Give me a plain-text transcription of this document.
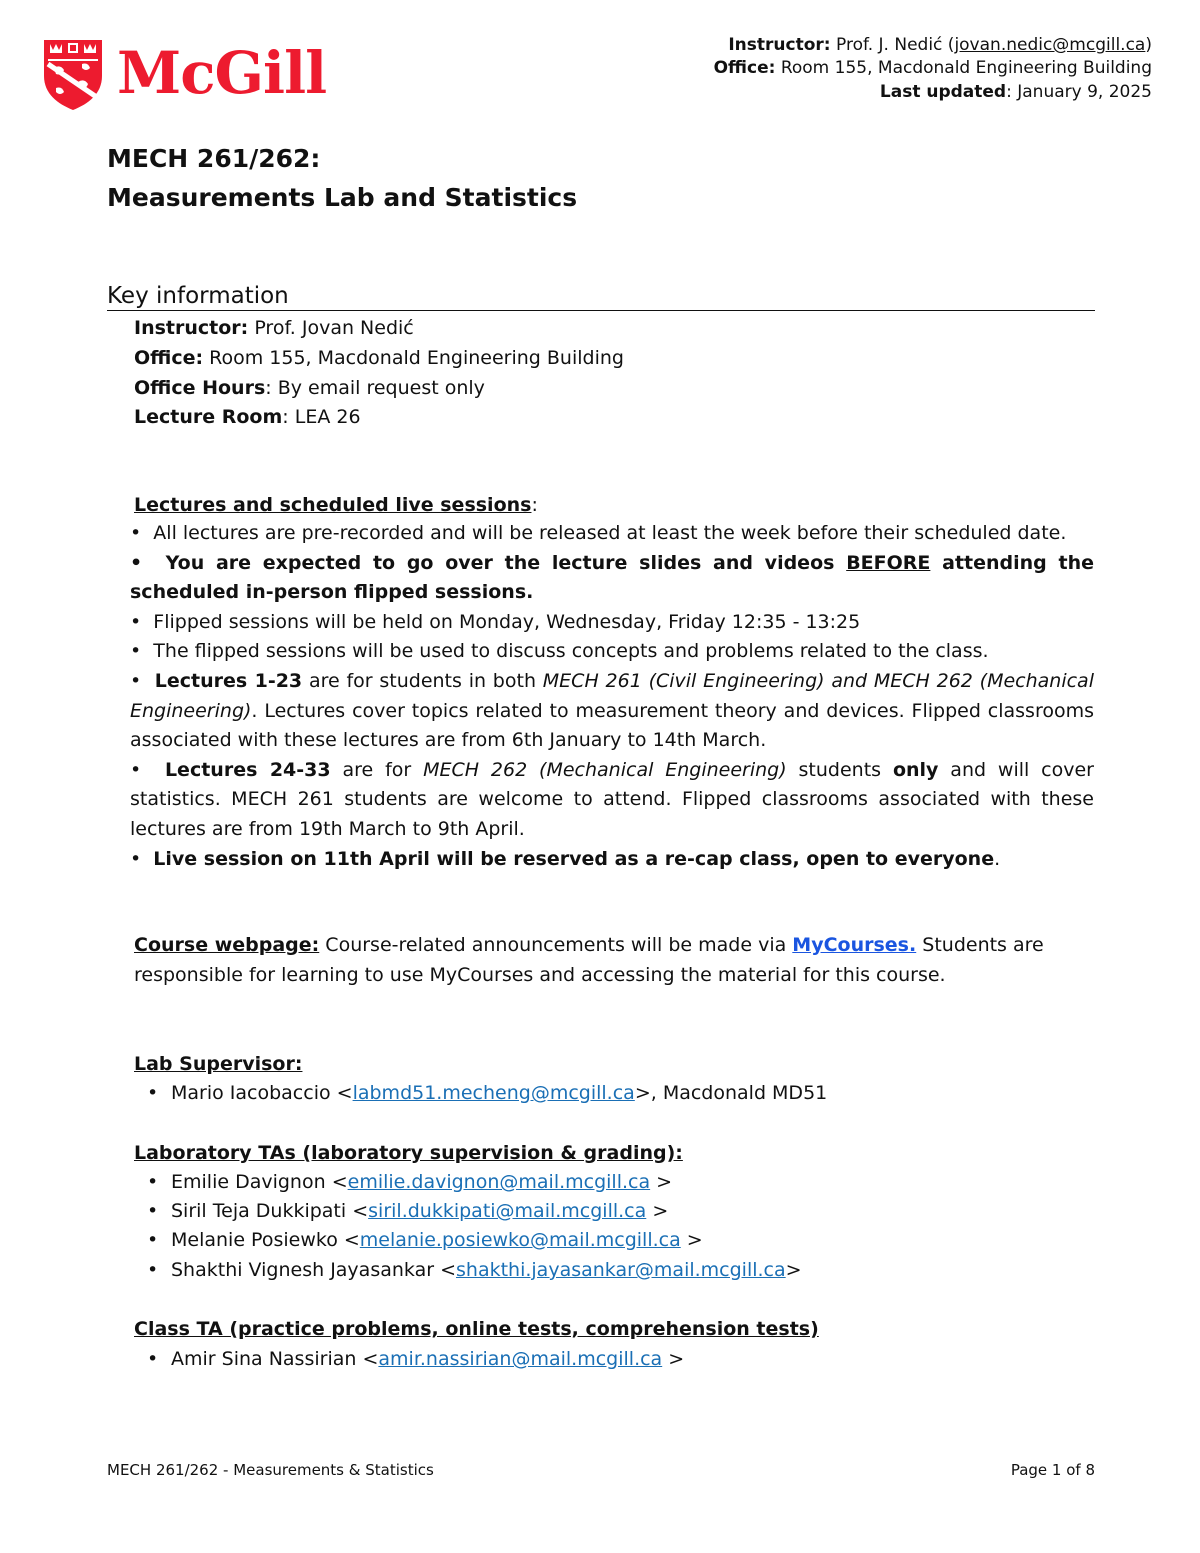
McGill	Instructor: Prof. J. Nedić (jovan.nedic@mcgill.ca)
Office: Room 155, Macdonald Engineering Building
Last updated: January 9, 2025
MECH 261/262:
Measurements Lab and Statistics
Key information
Instructor: Prof. Jovan Nedić
Office: Room 155, Macdonald Engineering Building
Office Hours: By email request only
Lecture Room: LEA 26
Lectures and scheduled live sessions:

•  All lectures are pre-recorded and will be released at least the week before their scheduled date.

•  You are expected to go over the lecture slides and videos BEFORE attending the scheduled in-person flipped sessions.

•  Flipped sessions will be held on Monday, Wednesday, Friday 12:35 - 13:25

•  The flipped sessions will be used to discuss concepts and problems related to the class.

•  Lectures 1-23 are for students in both MECH 261 (Civil Engineering) and MECH 262 (Mechanical Engineering). Lectures cover topics related to measurement theory and devices. Flipped classrooms associated with these lectures are from 6th January to 14th March.

•  Lectures 24-33 are for MECH 262 (Mechanical Engineering) students only and will cover statistics. MECH 261 students are welcome to attend. Flipped classrooms associated with these lectures are from 19th March to 9th April.

•  Live session on 11th April will be reserved as a re-cap class, open to everyone.

Course webpage: Course-related announcements will be made via MyCourses. Students are responsible for learning to use MyCourses and accessing the material for this course.
Lab Supervisor:
• Mario Iacobaccio <labmd51.mecheng@mcgill.ca>, Macdonald MD51
Laboratory TAs (laboratory supervision & grading):
• Emilie Davignon <emilie.davignon@mail.mcgill.ca >
• Siril Teja Dukkipati <siril.dukkipati@mail.mcgill.ca >
• Melanie Posiewko <melanie.posiewko@mail.mcgill.ca >
• Shakthi Vignesh Jayasankar <shakthi.jayasankar@mail.mcgill.ca>
Class TA (practice problems, online tests, comprehension tests)
• Amir Sina Nassirian <amir.nassirian@mail.mcgill.ca >
MECH 261/262 - Measurements & Statistics	Page 1 of 8
